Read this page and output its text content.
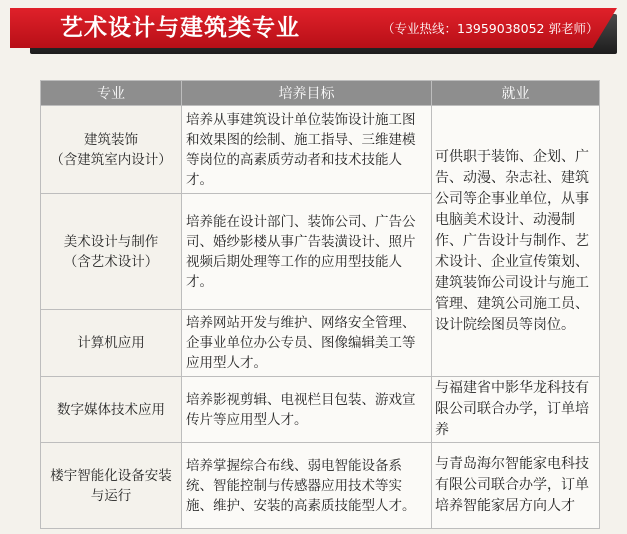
艺术设计与建筑类专业	（专业热线：13959038052 郭老师）
专业	培养目标	就业
建筑装饰
（含建筑室内设计）	培养从事建筑设计单位装饰设计施工图和效果图的绘制、施工指导、三维建模等岗位的高素质劳动者和技术技能人才。	可供职于装饰、企划、广告、动漫、杂志社、建筑公司等企事业单位，从事电脑美术设计、动漫制作、广告设计与制作、艺术设计、企业宣传策划、建筑装饰公司设计与施工管理、建筑公司施工员、设计院绘图员等岗位。
美术设计与制作
（含艺术设计）	培养能在设计部门、装饰公司、广告公司、婚纱影楼从事广告装潢设计、照片视频后期处理等工作的应用型技能人才。	
计算机应用	培养网站开发与维护、网络安全管理、企事业单位办公专员、图像编辑美工等应用型人才。	
数字媒体技术应用	培养影视剪辑、电视栏目包装、游戏宣传片等应用型人才。	与福建省中影华龙科技有限公司联合办学，订单培养
楼宇智能化设备安装与运行	培养掌握综合布线、弱电智能设备系统、智能控制与传感器应用技术等实施、维护、安装的高素质技能型人才。	与青岛海尔智能家电科技有限公司联合办学，订单培养智能家居方向人才
